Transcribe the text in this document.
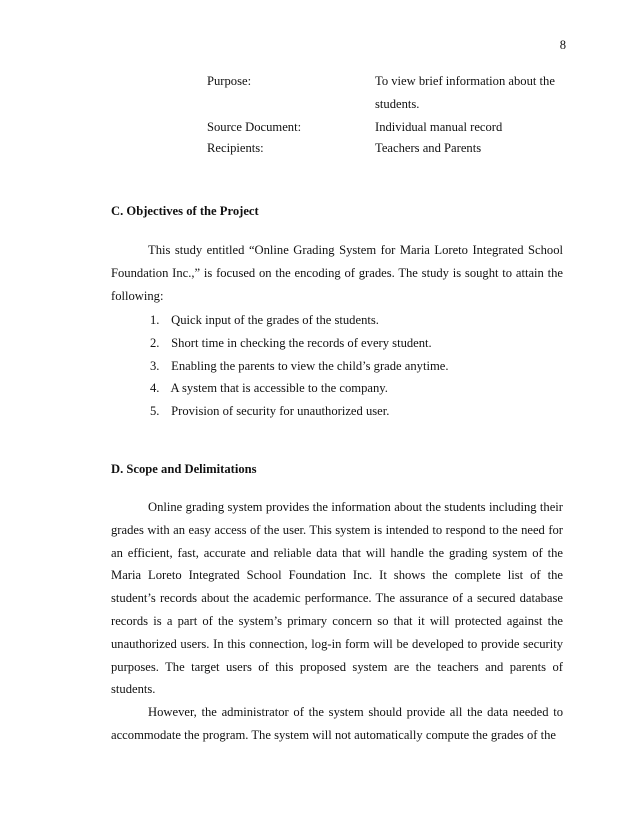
8
Purpose:	To view brief information about the
students.
Source Document:	Individual manual record
Recipients:	Teachers and Parents
C. Objectives of the Project

This study entitled “Online Grading System for Maria Loreto Integrated School Foundation Inc.,” is focused on the encoding of grades. The study is sought to attain the following:

1. Quick input of the grades of the students.
2. Short time in checking the records of every student.
3. Enabling the parents to view the child’s grade anytime.
4. A system that is accessible to the company.
5. Provision of security for unauthorized user.
D. Scope and Delimitations

Online grading system provides the information about the students including their grades with an easy access of the user. This system is intended to respond to the need for an efficient, fast, accurate and reliable data that will handle the grading system of the Maria Loreto Integrated School Foundation Inc. It shows the complete list of the student’s records about the academic performance. The assurance of a secured database records is a part of the system’s primary concern so that it will protected against the unauthorized users. In this connection, log-in form will be developed to provide security purposes. The target users of this proposed system are the teachers and parents of students.

However, the administrator of the system should provide all the data needed to accommodate the program. The system will not automatically compute the grades of the
